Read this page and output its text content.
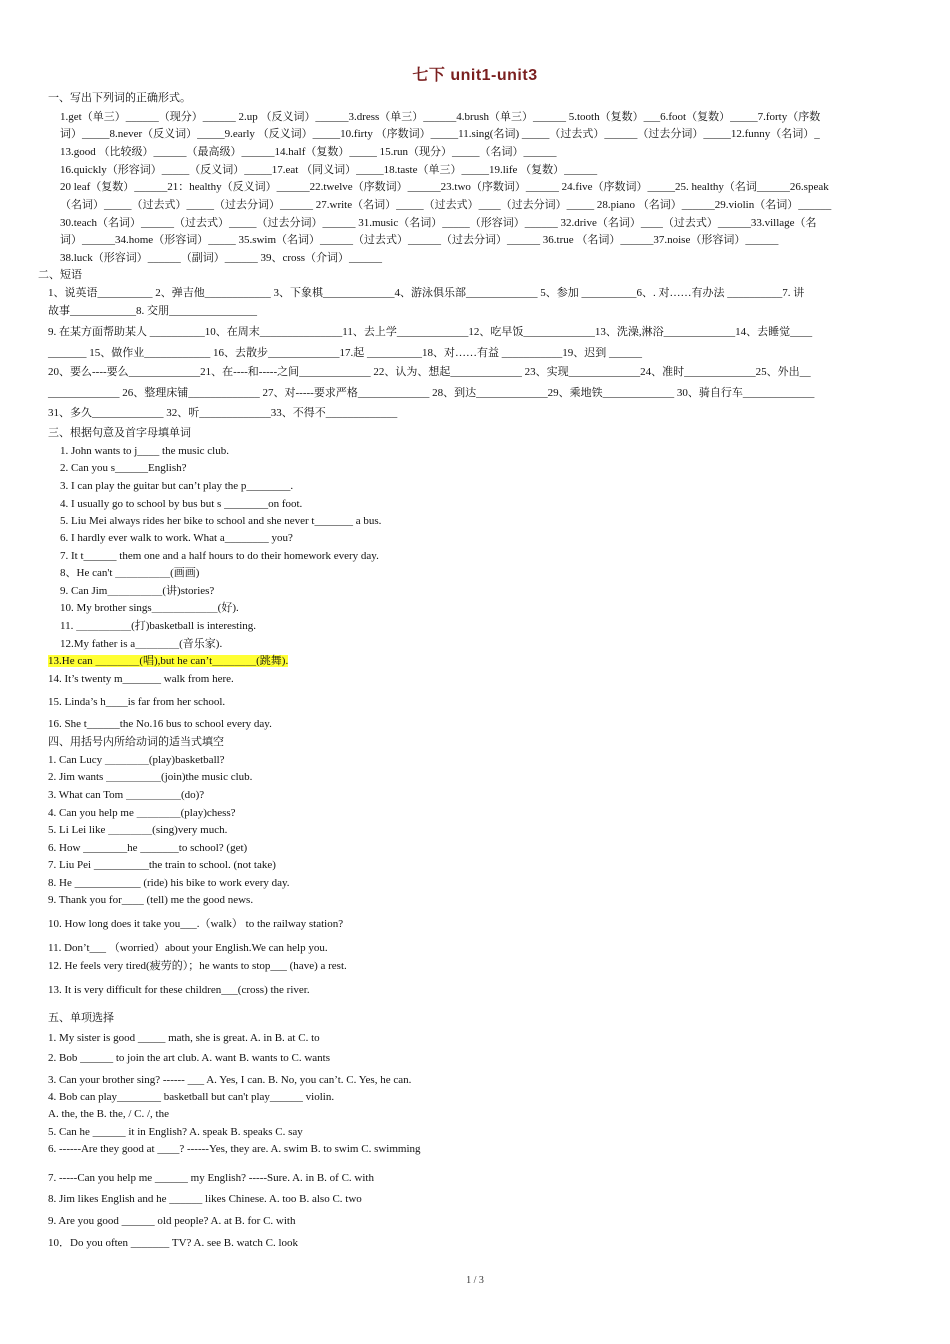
七下 unit1-unit3
一、写出下列词的正确形式。
1.get（单三）______（现分）______ 2.up （反义词）______3.dress（单三）______4.brush（单三）______ 5.tooth（复数）___6.foot（复数）_____7.forty（序数
词）_____8.never（反义词）_____9.early （反义词）_____10.firty （序数词）_____11.sing(名词) _____（过去式）______（过去分词）_____12.funny（名词）_
13.good （比较级）______（最高级）______14.half（复数）_____ 15.run（现分）_____（名词）______
16.quickly（形容词）_____（反义词）_____17.eat （同义词）_____18.taste（单三）_____19.life （复数）______
20 leaf（复数）______21：healthy（反义词）______22.twelve（序数词）______23.two（序数词）______ 24.five（序数词）_____25. healthy（名词______26.speak
（名词）_____（过去式）_____（过去分词）______ 27.write（名词）_____（过去式）____（过去分词）_____ 28.piano （名词）______29.violin（名词）______
30.teach（名词）______（过去式）_____（过去分词）______ 31.music（名词）_____（形容词）______ 32.drive（名词）____（过去式）______33.village（名
词）______34.home（形容词）_____ 35.swim（名词）______（过去式）______（过去分词）______ 36.true （名词）______37.noise（形容词）______
38.luck（形容词）______（副词）______ 39、cross（介词）______
二、短语
1、说英语__________ 2、弹吉他____________ 3、下象棋_____________4、游泳俱乐部_____________ 5、参加 __________6、. 对……有办法 __________7. 讲
故事____________8. 交朋________________
9. 在某方面帮助某人 __________10、在周末_______________11、去上学_____________12、吃早饭_____________13、洗澡,淋浴_____________14、去睡觉____
_______ 15、做作业____________ 16、去散步_____________17.起 __________18、对……有益 ___________19、迟到 ______
20、要么----要么_____________21、在----和-----之间_____________ 22、认为、想起_____________ 23、实现_____________24、准时_____________25、外出__
_____________ 26、整理床铺_____________ 27、对-----要求严格_____________ 28、到达_____________29、乘地铁_____________ 30、骑自行车_____________
31、多久_____________ 32、听_____________33、不得不_____________
三、根据句意及首字母填单词
1. John wants to j____ the music club.
2. Can you s______English?
3. I can play the guitar but can’t play the p________.
4. I usually go to school by bus but s ________on foot.
5. Liu Mei always rides her bike to school and she never t_______ a bus.
6. I hardly ever walk to work. What a________ you?
7. It t______ them one and a half hours to do their homework every day.
8、He can't ＿＿＿＿＿(画画)
9. Can Jim＿＿＿＿＿(讲)stories?
10. My brother sings＿＿＿＿＿＿(好).
11. ＿＿＿＿＿(打)basketball is interesting.
12.My father is a＿＿＿＿(音乐家).
13.He can ＿＿＿＿(唱),but he can’t＿＿＿＿(跳舞).
14. It’s twenty m_______ walk from here.
15. Linda’s h____is far from her school.
16. She t______the No.16 bus to school every day.
四、用括号内所给动词的适当式填空
1. Can Lucy ＿＿＿＿(play)basketball?
2. Jim wants ＿＿＿＿＿(join)the music club.
3. What can Tom ＿＿＿＿＿(do)?
4. Can you help me ＿＿＿＿(play)chess?
5. Li Lei like ＿＿＿＿(sing)very much.
6. How ________he _______to school? (get)
7. Liu Pei __________the train to school. (not take)
8. He ____________ (ride) his bike to work every day.
9. Thank you for____ (tell) me the good news.
10. How long does it take you___.（walk） to the railway station?
11. Don’t___ （worried）about your English.We can help you.
12. He feels very tired(疲劳的）；he wants to stop___ (have) a rest.
13. It is very difficult for these children___(cross) the river.
五、单项选择
1. My sister is good _____ math, she is great. A. in B. at C. to
2. Bob ______ to join the art club. A. want B. wants to C. wants
3. Can your brother sing? ------ ___ A. Yes, I can. B. No, you can’t. C. Yes, he can.
4. Bob can play________ basketball but can't play______ violin.
A. the, the B. the, / C. /, the
5. Can he ______ it in English? A. speak B. speaks C. say
6. ------Are they good at ____? ------Yes, they are. A. swim B. to swim C. swimming
7. -----Can you help me ______ my English? -----Sure. A. in B. of C. with
8. Jim likes English and he ______ likes Chinese. A. too B. also C. two
9. Are you good ______ old people? A. at B. for C. with
10．Do you often _______ TV? A. see B. watch C. look
1 / 3
